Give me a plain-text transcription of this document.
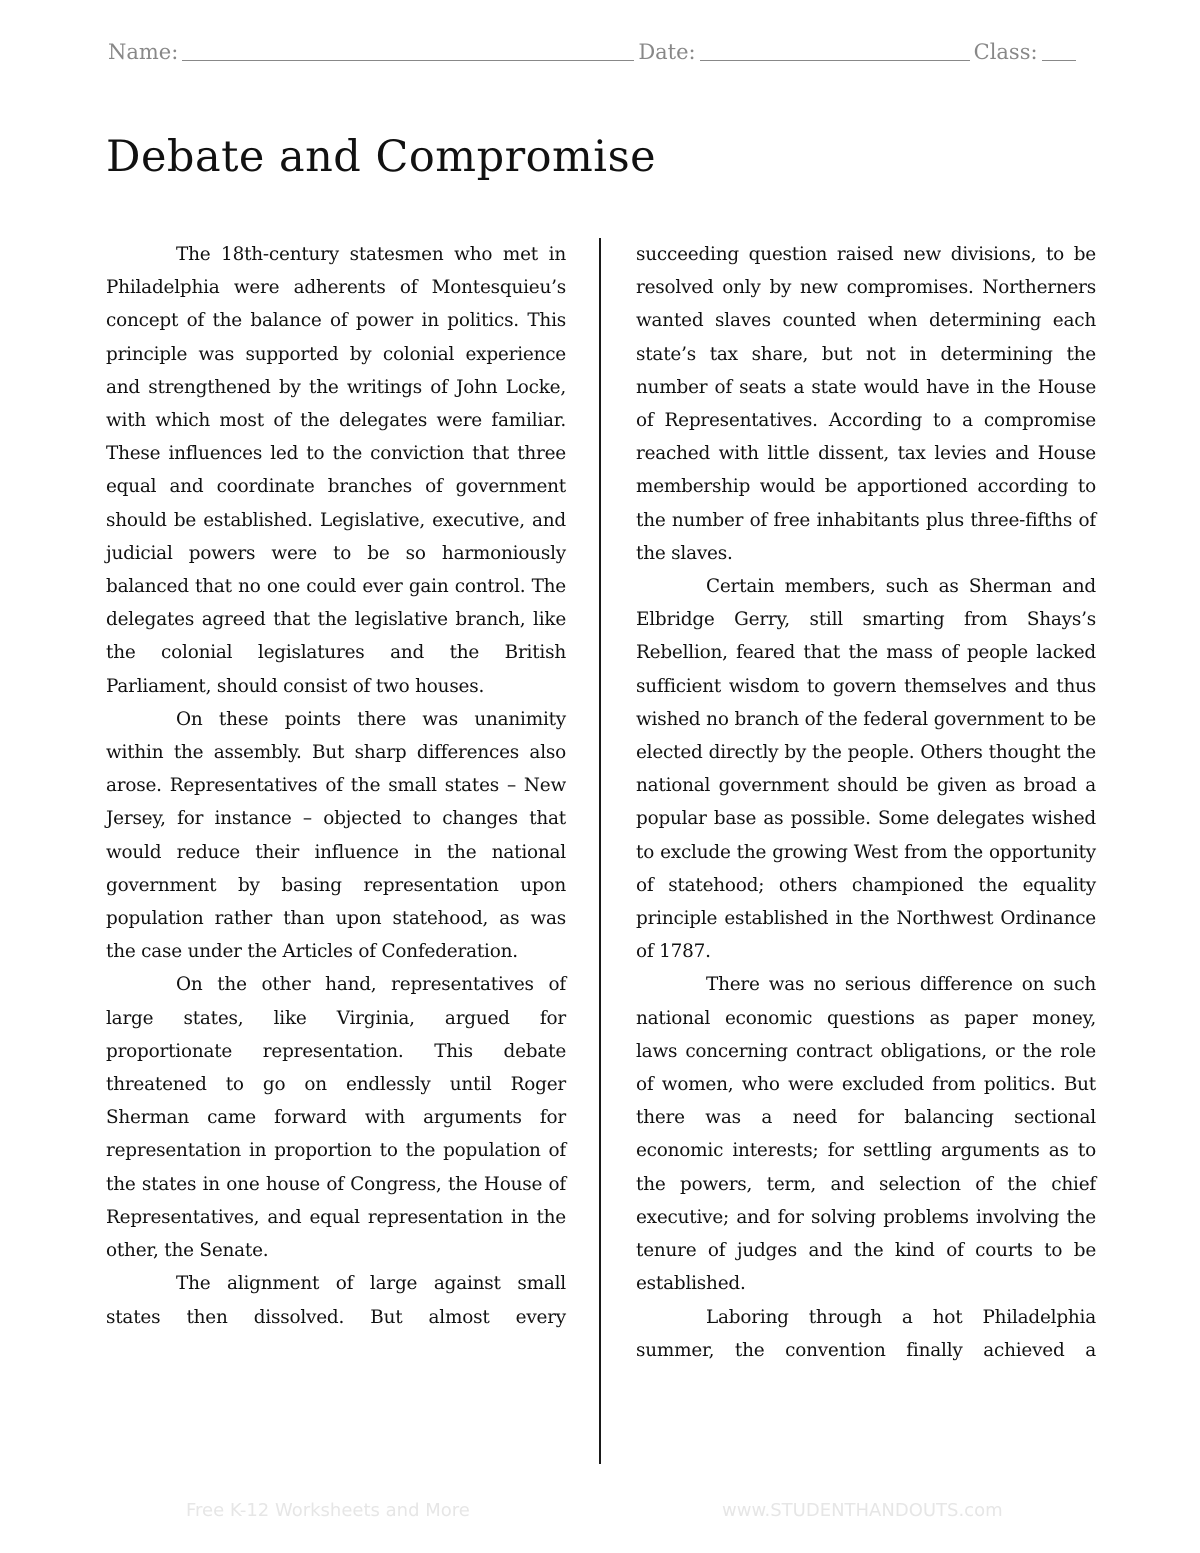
Name:	Date:	Class:
Debate and Compromise

The 18th-century statesmen who met in Philadelphia were adherents of Montesquieu’s concept of the balance of power in politics. This principle was supported by colonial experience and strengthened by the writings of John Locke, with which most of the delegates were familiar. These influences led to the conviction that three equal and coordinate branches of government should be established. Legislative, executive, and judicial powers were to be so harmoniously balanced that no one could ever gain control. The delegates agreed that the legislative branch, like the colonial legislatures and the British Parliament, should consist of two houses.

On these points there was unanimity within the assembly. But sharp differences also arose. Representatives of the small states – New Jersey, for instance – objected to changes that would reduce their influence in the national government by basing representation upon population rather than upon statehood, as was the case under the Articles of Confederation.

On the other hand, representatives of large states, like Virginia, argued for proportionate representation. This debate threatened to go on endlessly until Roger Sherman came forward with arguments for representation in proportion to the population of the states in one house of Congress, the House of Representatives, and equal representation in the other, the Senate.

The alignment of large against small states then dissolved. But almost every

succeeding question raised new divisions, to be resolved only by new compromises. Northerners wanted slaves counted when determining each state’s tax share, but not in determining the number of seats a state would have in the House of Representatives. According to a compromise reached with little dissent, tax levies and House membership would be apportioned according to the number of free inhabitants plus three-fifths of the slaves.

Certain members, such as Sherman and Elbridge Gerry, still smarting from Shays’s Rebellion, feared that the mass of people lacked sufficient wisdom to govern themselves and thus wished no branch of the federal government to be elected directly by the people. Others thought the national government should be given as broad a popular base as possible. Some delegates wished to exclude the growing West from the opportunity of statehood; others championed the equality principle established in the Northwest Ordinance of 1787.

There was no serious difference on such national economic questions as paper money, laws concerning contract obligations, or the role of women, who were excluded from politics. But there was a need for balancing sectional economic interests; for settling arguments as to the powers, term, and selection of the chief executive; and for solving problems involving the tenure of judges and the kind of courts to be established.

Laboring through a hot Philadelphia summer, the convention finally achieved a

Free K-12 Worksheets and More	www.STUDENTHANDOUTS.com
